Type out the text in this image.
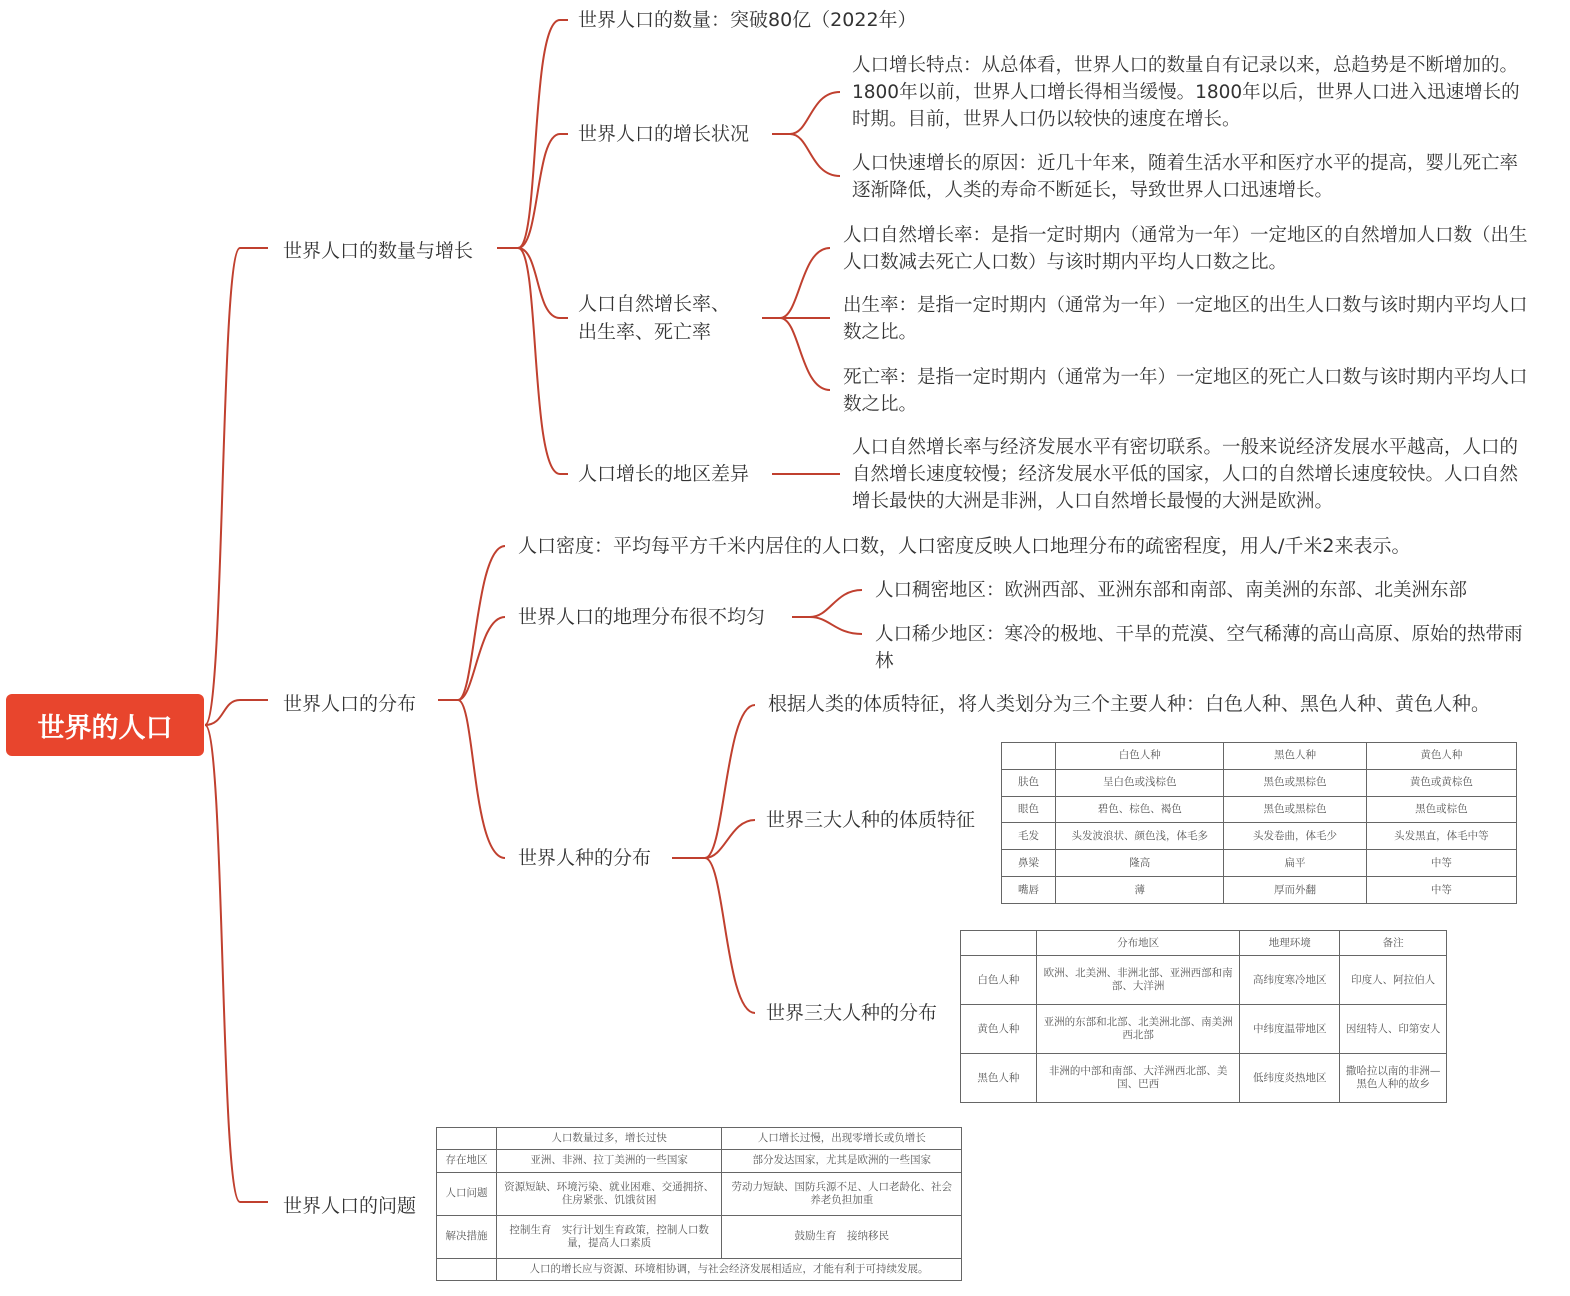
世界的人口
世界人口的数量与增长
世界人口的分布
世界人口的问题
世界人口的数量：突破80亿（2022年）
世界人口的增长状况
人口自然增长率、
出生率、死亡率
人口增长的地区差异
人口增长特点：从总体看，世界人口的数量自有记录以来，总趋势是不断增加的。1800年以前，世界人口增长得相当缓慢。1800年以后，世界人口进入迅速增长的时期。目前，世界人口仍以较快的速度在增长。
人口快速增长的原因：近几十年来，随着生活水平和医疗水平的提高，婴儿死亡率逐渐降低，人类的寿命不断延长，导致世界人口迅速增长。
人口自然增长率：是指一定时期内（通常为一年）一定地区的自然增加人口数（出生人口数减去死亡人口数）与该时期内平均人口数之比。
出生率：是指一定时期内（通常为一年）一定地区的出生人口数与该时期内平均人口数之比。
死亡率：是指一定时期内（通常为一年）一定地区的死亡人口数与该时期内平均人口数之比。
人口自然增长率与经济发展水平有密切联系。一般来说经济发展水平越高，人口的自然增长速度较慢；经济发展水平低的国家，人口的自然增长速度较快。人口自然增长最快的大洲是非洲，人口自然增长最慢的大洲是欧洲。
人口密度：平均每平方千米内居住的人口数，人口密度反映人口地理分布的疏密程度，用人/千米2来表示。
世界人口的地理分布很不均匀
世界人种的分布
人口稠密地区：欧洲西部、亚洲东部和南部、南美洲的东部、北美洲东部
人口稀少地区：寒冷的极地、干旱的荒漠、空气稀薄的高山高原、原始的热带雨林
根据人类的体质特征，将人类划分为三个主要人种：白色人种、黑色人种、黄色人种。
世界三大人种的体质特征
世界三大人种的分布
	白色人种	黑色人种	黄色人种
肤色	呈白色或浅棕色	黑色或黑棕色	黄色或黄棕色
眼色	碧色、棕色、褐色	黑色或黑棕色	黑色或棕色
毛发	头发波浪状、颜色浅，体毛多	头发卷曲，体毛少	头发黑直，体毛中等
鼻梁	隆高	扁平	中等
嘴唇	薄	厚而外翻	中等
	分布地区	地理环境	备注
白色人种	欧洲、北美洲、非洲北部、亚洲西部和南部、大洋洲	高纬度寒冷地区	印度人、阿拉伯人
黄色人种	亚洲的东部和北部、北美洲北部、南美洲西北部	中纬度温带地区	因纽特人、印第安人
黑色人种	非洲的中部和南部、大洋洲西北部、美国、巴西	低纬度炎热地区	撒哈拉以南的非洲—黑色人种的故乡
	人口数量过多，增长过快	人口增长过慢，出现零增长或负增长
存在地区	亚洲、非洲、拉丁美洲的一些国家	部分发达国家，尤其是欧洲的一些国家
人口问题	资源短缺、环境污染、就业困难、交通拥挤、住房紧张、饥饿贫困	劳动力短缺、国防兵源不足、人口老龄化、社会养老负担加重
解决措施	控制生育　实行计划生育政策，控制人口数量，提高人口素质	鼓励生育　接纳移民
	人口的增长应与资源、环境相协调，与社会经济发展相适应，才能有利于可持续发展。	
